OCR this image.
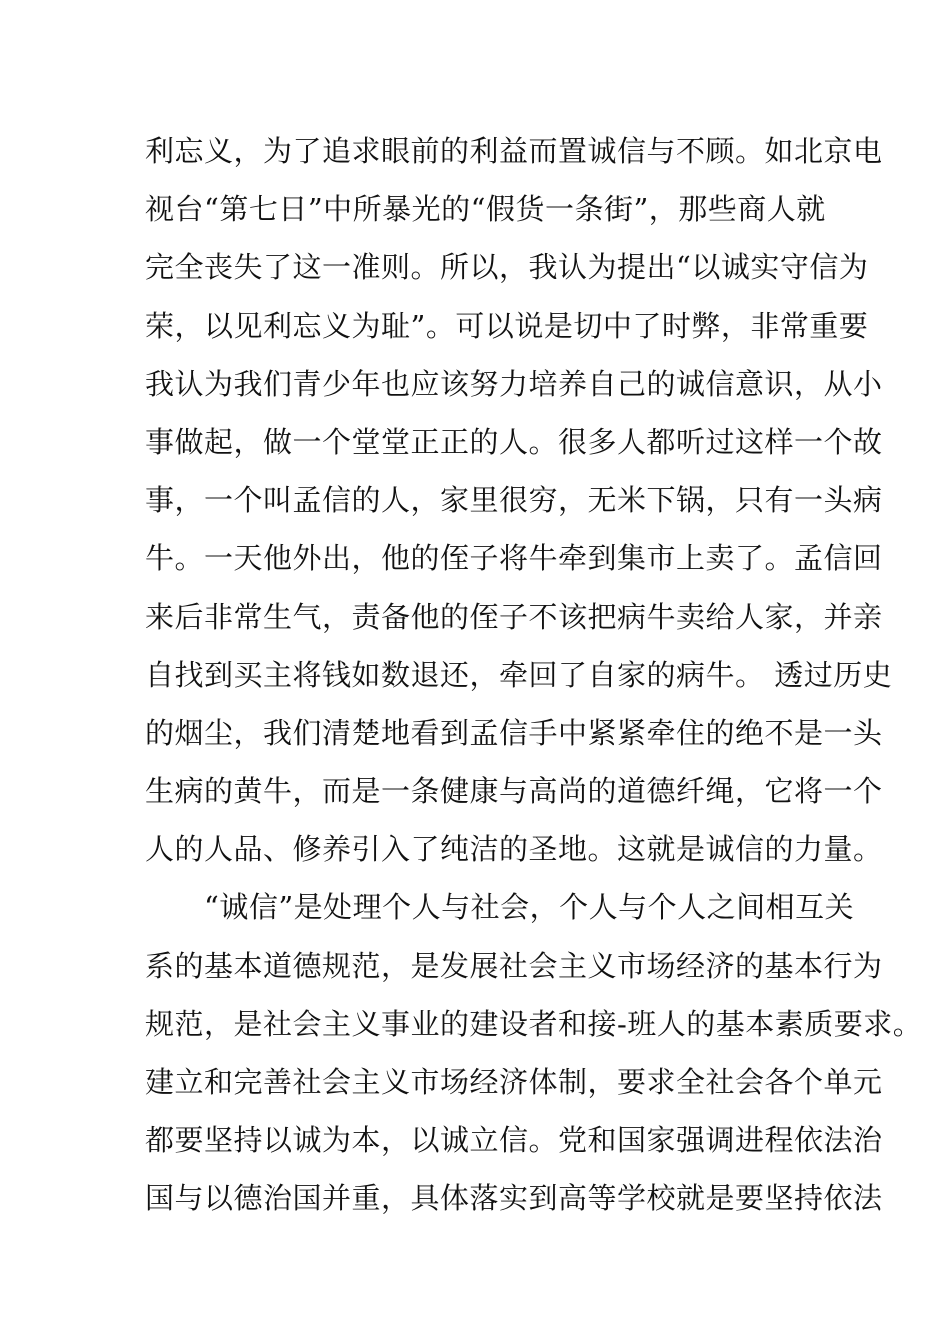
利忘义，为了追求眼前的利益而置诚信与不顾。如北京电
视台“第七日”中所暴光的“假货一条街”，那些商人就
完全丧失了这一准则。所以，我认为提出“以诚实守信为
荣，以见利忘义为耻”。可以说是切中了时弊，非常重要
我认为我们青少年也应该努力培养自己的诚信意识，从小
事做起，做一个堂堂正正的人。很多人都听过这样一个故
事，一个叫孟信的人，家里很穷，无米下锅，只有一头病
牛。一天他外出，他的侄子将牛牵到集市上卖了。孟信回
来后非常生气，责备他的侄子不该把病牛卖给人家，并亲
自找到买主将钱如数退还，牵回了自家的病牛。 透过历史
的烟尘，我们清楚地看到孟信手中紧紧牵住的绝不是一头
生病的黄牛，而是一条健康与高尚的道德纤绳，它将一个
人的人品、修养引入了纯洁的圣地。这就是诚信的力量。
　　“诚信”是处理个人与社会，个人与个人之间相互关
系的基本道德规范，是发展社会主义市场经济的基本行为
规范，是社会主义事业的建设者和接-班人的基本素质要求。
建立和完善社会主义市场经济体制，要求全社会各个单元
都要坚持以诚为本，以诚立信。党和国家强调进程依法治
国与以德治国并重，具体落实到高等学校就是要坚持依法
